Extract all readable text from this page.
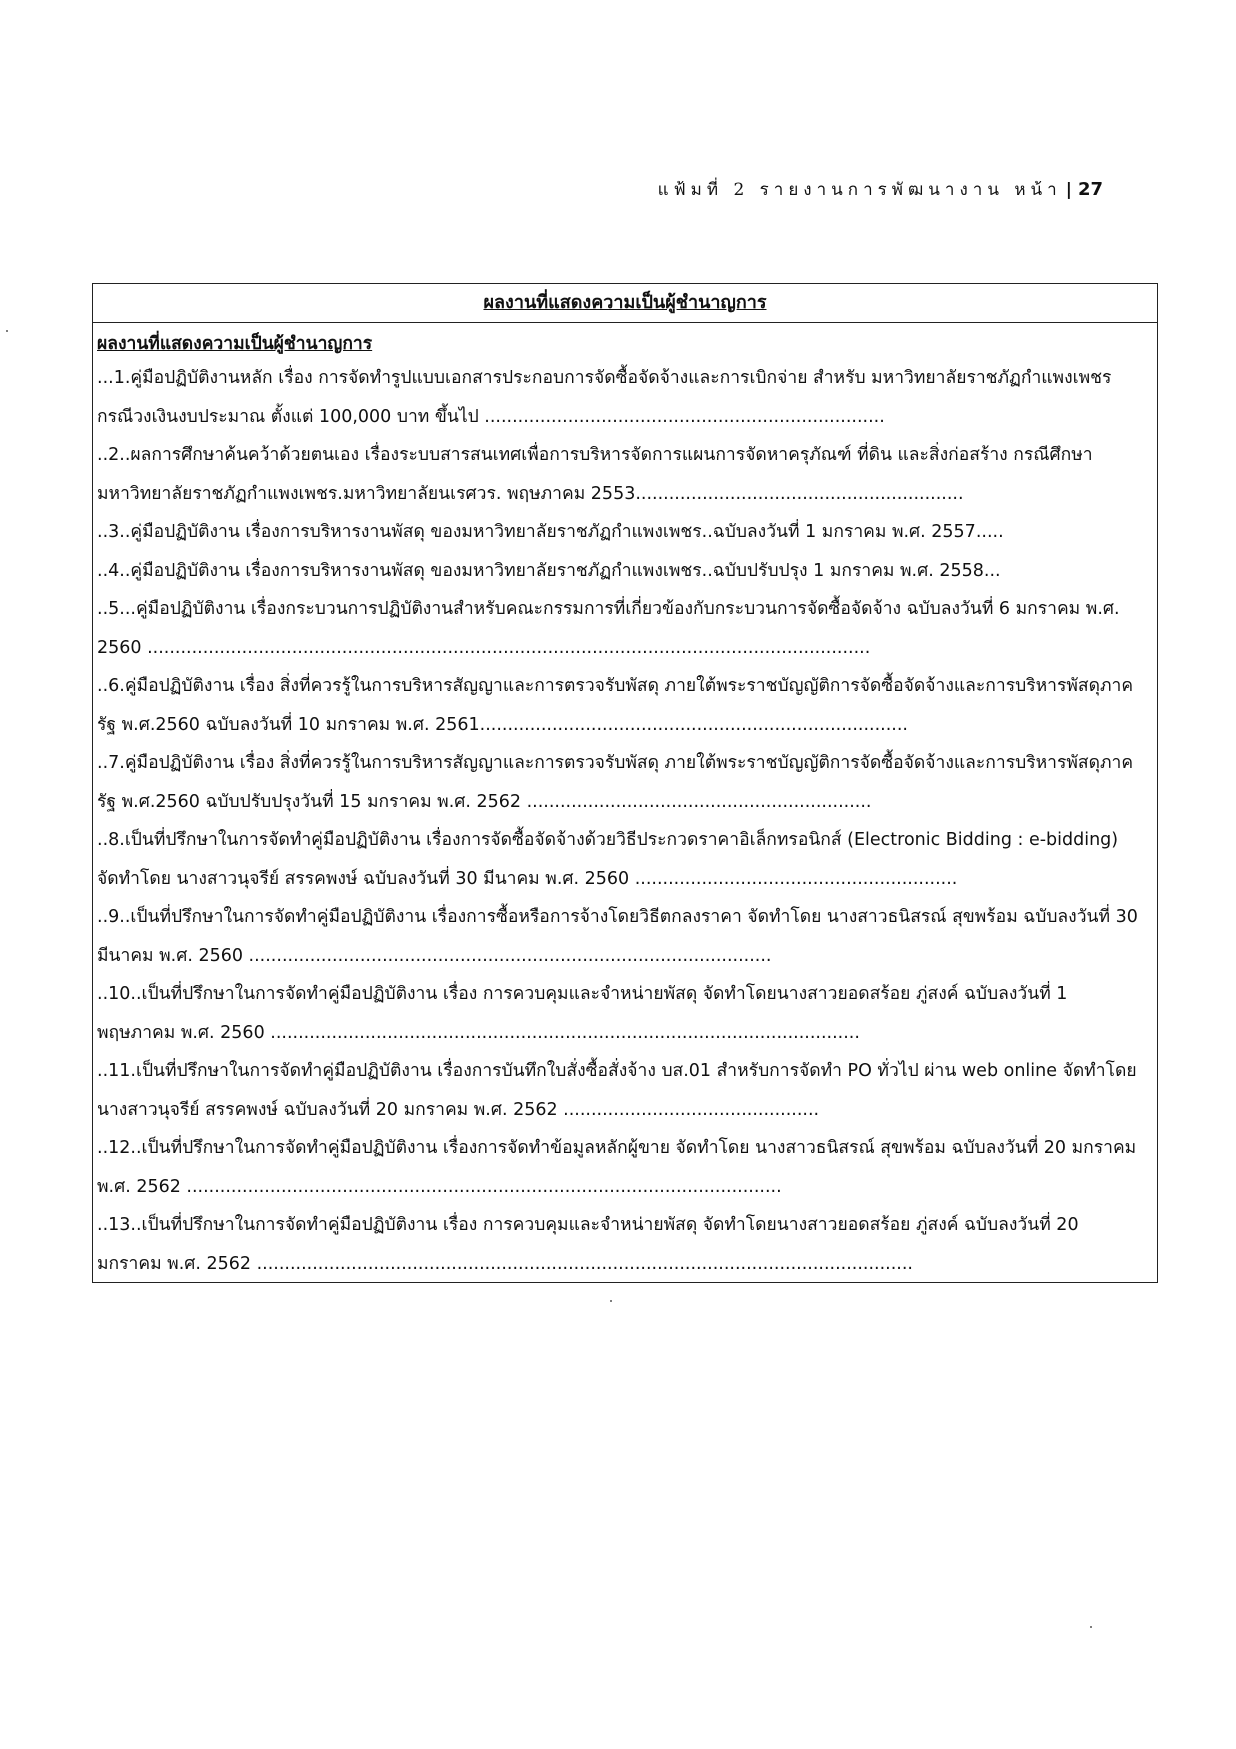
แฟ้มที่ 2 รายงานการพัฒนางาน หน้า | 27
ผลงานที่แสดงความเป็นผู้ชำนาญการ
ผลงานที่แสดงความเป็นผู้ชำนาญการ

...1.คู่มือปฏิบัติงานหลัก เรื่อง การจัดทำรูปแบบเอกสารประกอบการจัดซื้อจัดจ้างและการเบิกจ่าย สำหรับ มหาวิทยาลัยราชภัฏกำแพงเพชร กรณีวงเงินงบประมาณ ตั้งแต่ 100,000 บาท ขึ้นไป ........................................................................

..2..ผลการศึกษาค้นคว้าด้วยตนเอง เรื่องระบบสารสนเทศเพื่อการบริหารจัดการแผนการจัดหาครุภัณฑ์ ที่ดิน และสิ่งก่อสร้าง กรณีศึกษา มหาวิทยาลัยราชภัฏกำแพงเพชร.มหาวิทยาลัยนเรศวร. พฤษภาคม 2553...........................................................

..3..คู่มือปฏิบัติงาน เรื่องการบริหารงานพัสดุ ของมหาวิทยาลัยราชภัฏกำแพงเพชร..ฉบับลงวันที่ 1 มกราคม พ.ศ. 2557.....

..4..คู่มือปฏิบัติงาน เรื่องการบริหารงานพัสดุ ของมหาวิทยาลัยราชภัฏกำแพงเพชร..ฉบับปรับปรุง 1 มกราคม พ.ศ. 2558...

..5...คู่มือปฏิบัติงาน เรื่องกระบวนการปฏิบัติงานสำหรับคณะกรรมการที่เกี่ยวข้องกับกระบวนการจัดซื้อจัดจ้าง ฉบับลงวันที่ 6 มกราคม พ.ศ. 2560 ..................................................................................................................................

..6.คู่มือปฏิบัติงาน เรื่อง สิ่งที่ควรรู้ในการบริหารสัญญาและการตรวจรับพัสดุ ภายใต้พระราชบัญญัติการจัดซื้อจัดจ้างและการบริหารพัสดุภาครัฐ พ.ศ.2560 ฉบับลงวันที่ 10 มกราคม พ.ศ. 2561.............................................................................

..7.คู่มือปฏิบัติงาน เรื่อง สิ่งที่ควรรู้ในการบริหารสัญญาและการตรวจรับพัสดุ ภายใต้พระราชบัญญัติการจัดซื้อจัดจ้างและการบริหารพัสดุภาครัฐ พ.ศ.2560 ฉบับปรับปรุงวันที่ 15 มกราคม พ.ศ. 2562 ..............................................................

..8.เป็นที่ปรึกษาในการจัดทำคู่มือปฏิบัติงาน เรื่องการจัดซื้อจัดจ้างด้วยวิธีประกวดราคาอิเล็กทรอนิกส์ (Electronic Bidding : e-bidding) จัดทำโดย นางสาวนุจรีย์ สรรคพงษ์ ฉบับลงวันที่ 30 มีนาคม พ.ศ. 2560 ..........................................................

..9..เป็นที่ปรึกษาในการจัดทำคู่มือปฏิบัติงาน เรื่องการซื้อหรือการจ้างโดยวิธีตกลงราคา จัดทำโดย นางสาวธนิสรณ์ สุขพร้อม ฉบับลงวันที่ 30 มีนาคม พ.ศ. 2560 ..............................................................................................

..10..เป็นที่ปรึกษาในการจัดทำคู่มือปฏิบัติงาน เรื่อง การควบคุมและจำหน่ายพัสดุ จัดทำโดยนางสาวยอดสร้อย ภู่สงค์ ฉบับลงวันที่ 1 พฤษภาคม พ.ศ. 2560 ..........................................................................................................

..11.เป็นที่ปรึกษาในการจัดทำคู่มือปฏิบัติงาน เรื่องการบันทึกใบสั่งซื้อสั่งจ้าง บส.01 สำหรับการจัดทำ PO ทั่วไป ผ่าน web online จัดทำโดย นางสาวนุจรีย์ สรรคพงษ์ ฉบับลงวันที่ 20 มกราคม พ.ศ. 2562 ..............................................

..12..เป็นที่ปรึกษาในการจัดทำคู่มือปฏิบัติงาน เรื่องการจัดทำข้อมูลหลักผู้ขาย จัดทำโดย นางสาวธนิสรณ์ สุขพร้อม ฉบับลงวันที่ 20 มกราคม พ.ศ. 2562 ...........................................................................................................

..13..เป็นที่ปรึกษาในการจัดทำคู่มือปฏิบัติงาน เรื่อง การควบคุมและจำหน่ายพัสดุ จัดทำโดยนางสาวยอดสร้อย ภู่สงค์ ฉบับลงวันที่ 20 มกราคม พ.ศ. 2562 ......................................................................................................................
